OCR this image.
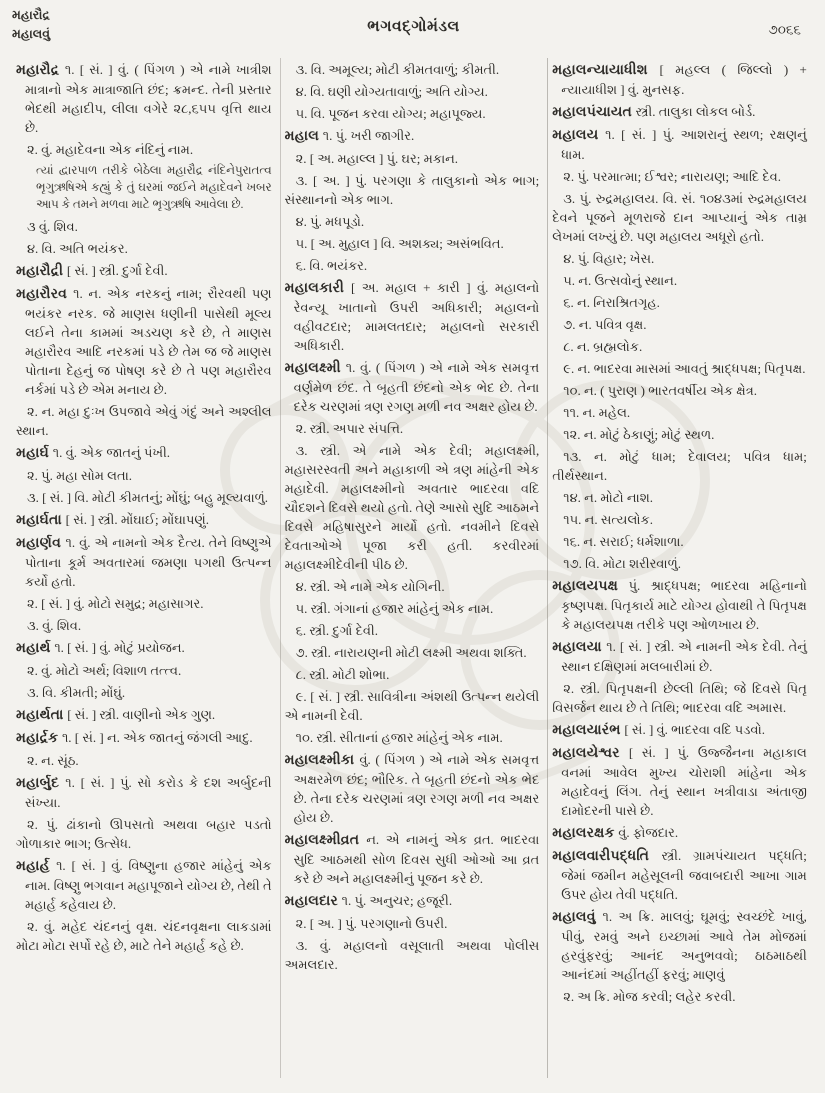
મહારૌદ્ર
મહાલવું	ભગવદ્ગોમંડલ	૭૦૬૬

મહારૌદ્ર ૧. [ સં. ] વું. ( પિંગળ ) એ નામે ખાત્રીશ માત્રાનો એક માત્રાજાતિ છંદ; ક્રમન્દ. તેની પ્રસ્તાર ભેદથી મહાદીપ, લીલા વગેરે ૨૮,૬૫૫ વૃત્તિ થાય છે.

૨. વું. મહાદેવના એક નંદિનું નામ.

પુરાતત્વ
ત્યાં દ્વારપાળ તરીકે બેઠેલા મહારૌદ્ર નંદિને ભૃગુઋષિએ કહ્યું કે તું ઘરમાં જઈને મહાદેવને ખબર આપ કે તમને મળવા માટે ભૃગુઋષિ આવેલા છે.

૩ વું. શિવ.

૪. વિ. અતિ ભયંકર.

મહારૌદ્રી [ સં. ] સ્ત્રી. દુર્ગા દેવી.

મહારૌરવ ૧. ન. એક નરકનું નામ; રૌરવથી પણ ભયંકર નરક. જે માણસ ધણીની પાસેથી મૂલ્ય લઈને તેના કામમાં અડચણ કરે છે, તે માણસ મહારૌરવ આદિ નરકમાં પડે છે તેમ જ જે માણસ પોતાના દેહનું જ પોષણ કરે છે તે પણ મહારૌરવ નર્કમાં પડે છે એમ મનાય છે.

૨. ન. મહા દુઃખ ઉપજાવે એવું ગંદું અને અશ્લીલ સ્થાન.

મહાર્ઘ ૧. વું. એક જાતનું પંખી.

૨. પું. મહા સોમ લતા.

૩. [ સં. ] વિ. મોટી કીમતનું; મોંઘું; બહુ મૂલ્યવાળું.

મહાર્ઘતા [ સં. ] સ્ત્રી. મોંઘાઈ; મોંઘાપણું.

મહાર્ણવ ૧. વું. એ નામનો એક દૈત્ય. તેને વિષ્ણુએ પોતાના કૂર્મ અવતારમાં જમણા પગથી ઉત્પન્ન કર્યો હતો.

૨. [ સં. ] વું. મોટો સમુદ્ર; મહાસાગર.

૩. વું. શિવ.

મહાર્થ ૧. [ સં. ] વું. મોટું પ્રયોજન.

૨. વું. મોટો અર્થ; વિશાળ તત્ત્વ.

૩. વિ. કીમતી; મોંઘું.

મહાર્થતા [ સં. ] સ્ત્રી. વાણીનો એક ગુણ.

મહાર્દ્રક ૧. [ સં. ] ન. એક જાતનું જંગલી આદુ.

૨. ન. સૂંઠ.

મહાર્બુદ ૧. [ સં. ] પું. સો કરોડ કે દશ અર્બુદની સંખ્યા.

૨. પું. ઢાંકાનો ઊપસતો અથવા બહાર પડતો ગોળાકાર ભાગ; ઉત્સેધ.

મહાર્હ ૧. [ સં. ] વું. વિષ્ણુના હજાર માંહેનું એક નામ. વિષ્ણુ ભગવાન મહાપૂજાને યોગ્ય છે, તેથી તે મહાર્હ કહેવાય છે.

૨. વું. મહેદ ચંદનનું વૃક્ષ. ચંદનવૃક્ષના લાકડામાં મોટા મોટા સર્પો રહે છે, માટે તેને મહાર્હ કહે છે.

૩. વિ. અમૂલ્ય; મોટી કીમતવાળું; કીમતી.

૪. વિ. ઘણી યોગ્યતાવાળું; અતિ યોગ્ય.

૫. વિ. પૂજન કરવા યોગ્ય; મહાપૂજ્ય.

મહાલ ૧. પું. ખરી જાગીર.

૨. [ અ. મહાલ્લ ] પું. ઘર; મકાન.

૩. [ અ. ] પું. પરગણા કે તાલુકાનો એક ભાગ; સંસ્થાનનો એક ભાગ.

૪. પું. મધપૂડો.

૫. [ અ. મુહાલ ] વિ. અશક્ય; અસંભવિત.

૬. વિ. ભયંકર.

મહાલકારી [ અ. મહાલ + કારી ] વું. મહાલનો રેવન્યૂ ખાતાનો ઉપરી અધિકારી; મહાલનો વહીવટદાર; મામલતદાર; મહાલનો સરકારી અધિકારી.

મહાલક્ષ્મી ૧. વું. ( પિંગળ ) એ નામે એક સમવૃત્ત વર્ણમેળ છંદ. તે બૃહતી છંદનો એક ભેદ છે. તેના દરેક ચરણમાં ત્રણ રગણ મળી નવ અક્ષર હોય છે.

૨. સ્ત્રી. અપાર સંપત્તિ.

૩. સ્ત્રી. એ નામે એક દેવી; મહાલક્ષ્મી, મહાસરસ્વતી અને મહાકાળી એ ત્રણ માંહેની એક મહાદેવી. મહાલક્ષ્મીનો અવતાર ભાદરવા વદિ ચૌદશને દિવસે થયો હતો. તેણે આસો સુદિ આઠમને દિવસે મહિષાસુરને માર્યો હતો. નવમીને દિવસે દેવતાઓએ પૂજા કરી હતી. કરવીરમાં મહાલક્ષ્મીદેવીની પીઠ છે.

૪. સ્ત્રી. એ નામે એક યોગિની.

૫. સ્ત્રી. ગંગાનાં હજાર માંહેનું એક નામ.

૬. સ્ત્રી. દુર્ગા દેવી.

૭. સ્ત્રી. નારાયણની મોટી લક્ષ્મી અથવા શક્તિ.

૮. સ્ત્રી. મોટી શોભા.

૯. [ સં. ] સ્ત્રી. સાવિત્રીના અંશથી ઉત્પન્ન થયેલી એ નામની દેવી.

૧૦. સ્ત્રી. સીતાનાં હજાર માંહેનું એક નામ.

મહાલક્ષ્મીકા વું. ( પિંગળ ) એ નામે એક સમવૃત્ત અક્ષરમેળ છંદ; ભૌરિક. તે બૃહતી છંદનો એક ભેદ છે. તેના દરેક ચરણમાં ત્રણ રગણ મળી નવ અક્ષર હોય છે.

મહાલક્ષ્મીવ્રત ન. એ નામનું એક વ્રત. ભાદરવા સુદિ આઠમથી સોળ દિવસ સુધી ઓઓ આ વ્રત કરે છે અને મહાલક્ષ્મીનું પૂજન કરે છે.

મહાલદાર ૧. પું. અનુચર; હજૂરી.

૨. [ અ. ] પું. પરગણાનો ઉપરી.

૩. વું. મહાલનો વસૂલાતી અથવા પોલીસ અમલદાર.

મહાલન્યાયાધીશ [ મહલ્લ ( જિલ્લો ) + ન્યાયાધીશ ] વું. મુનસફ.

મહાલપંચાયત સ્ત્રી. તાલુકા લોકલ બોર્ડ.

મહાલય ૧. [ સં. ] પું. આશરાનું સ્થળ; રક્ષણનું ધામ.

૨. પું. પરમાત્મા; ઈશ્વર; નારાયણ; આદિ દેવ.

૩. પું. રુદ્રમહાલય. વિ. સં. ૧૦૪૩માં રુદ્રમહાલય દેવને પૂજને મૂળરાજે દાન આપ્યાનું એક તામ્ર લેખમાં લખ્યું છે. પણ મહાલય અધૂરો હતો.

૪. પું. વિહાર; ખેસ.

૫. ન. ઉત્સવોનું સ્થાન.

૬. ન. નિરાશ્રિતગૃહ.

૭. ન. પવિત્ર વૃક્ષ.

૮. ન. બ્રહ્મલોક.

૯. ન. ભાદરવા માસમાં આવતું શ્રાદ્ધપક્ષ; પિતૃપક્ષ.

૧૦. ન. ( પુરાણ ) ભારતવર્ષીય એક ક્ષેત્ર.

૧૧. ન. મહેલ.

૧૨. ન. મોટું ઠેકાણું; મોટું સ્થળ.

૧૩. ન. મોટું ધામ; દેવાલય; પવિત્ર ધામ; તીર્થસ્થાન.

૧૪. ન. મોટો નાશ.

૧૫. ન. સત્યલોક.

૧૬. ન. સરાઈ; ધર્મશાળા.

૧૭. વિ. મોટા શરીરવાળું.

મહાલયપક્ષ પું. શ્રાદ્ધપક્ષ; ભાદરવા મહિનાનો કૃષ્ણપક્ષ. પિતૃકાર્ય માટે યોગ્ય હોવાથી તે પિતૃપક્ષ કે મહાલયપક્ષ તરીકે પણ ઓળખાય છે.

મહાલયા ૧. [ સં. ] સ્ત્રી. એ નામની એક દેવી. તેનું સ્થાન દક્ષિણમાં મલબારીમાં છે.

૨. સ્ત્રી. પિતૃપક્ષની છેલ્લી તિથિ; જે દિવસે પિતૃ વિસર્જન થાય છે તે તિથિ; ભાદરવા વદિ અમાસ.

મહાલયારંભ [ સં. ] વું. ભાદરવા વદિ પડવો.

મહાલયેશ્વર [ સં. ] પું. ઉજ્જૈનના મહાકાલ વનમાં આવેલ મુખ્ય ચોરાશી માંહેના એક મહાદેવનું લિંગ. તેનું સ્થાન ખત્રીવાડા અંતાજી દામોદરની પાસે છે.

મહાલરક્ષક વું. ફોજદાર.

મહાલવારીપદ્ધતિ સ્ત્રી. ગ્રામપંચાયત પદ્ધતિ; જેમાં જમીન મહેસૂલની જવાબદારી આખા ગામ ઉપર હોય તેવી પદ્ધતિ.

મહાલવું ૧. અ ક્રિ. માલવું; ઘૂમવું; સ્વચ્છંદે ખાવું, પીવું, રમવું અને ઇચ્છામાં આવે તેમ મોજમાં હરવુંફરવું; આનંદ અનુભવવો; ઠાઠમાઠથી આનંદમાં અહીંતહીં ફરવું; માણવું

૨. અ ક્રિ. મોજ કરવી; લહેર કરવી.
